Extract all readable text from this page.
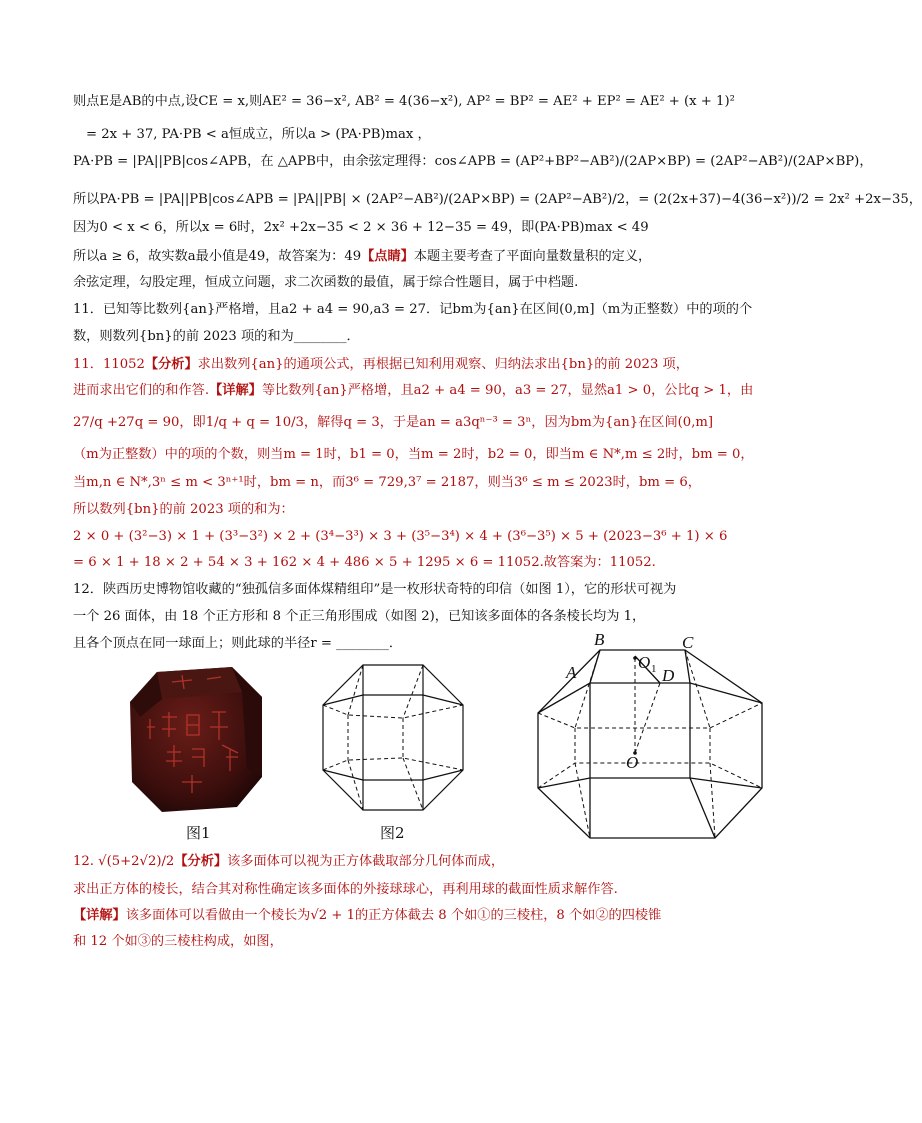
则点E是AB的中点,设CE = x,则AE² = 36−x², AB² = 4(36−x²), AP² = BP² = AE² + EP² = AE² + (x + 1)²
= 2x + 37, PA·PB < a恒成立，所以a > (PA·PB)max ，
PA·PB = |PA||PB|cos∠APB，在 △APB中，由余弦定理得：cos∠APB = (AP²+BP²−AB²)/(2AP×BP) = (2AP²−AB²)/(2AP×BP)，
所以PA·PB = |PA||PB|cos∠APB = |PA||PB| × (2AP²−AB²)/(2AP×BP) = (2AP²−AB²)/2，= (2(2x+37)−4(36−x²))/2 = 2x² +2x−35，
因为0 < x < 6，所以x = 6时，2x² +2x−35 < 2 × 36 + 12−35 = 49，即(PA·PB)max < 49
所以a ≥ 6，故实数a最小值是49，故答案为：49【点睛】本题主要考查了平面向量数量积的定义，
余弦定理，勾股定理，恒成立问题，求二次函数的最值，属于综合性题目，属于中档题.
11．已知等比数列{an}严格增，且a2 + a4 = 90,a3 = 27．记bm为{an}在区间(0,m]（m为正整数）中的项的个
数，则数列{bn}的前 2023 项的和为________．
11．11052【分析】求出数列{an}的通项公式，再根据已知利用观察、归纳法求出{bn}的前 2023 项，
进而求出它们的和作答.【详解】等比数列{an}严格增，且a2 + a4 = 90，a3 = 27，显然a1 > 0，公比q > 1，由
27/q +27q = 90，即1/q + q = 10/3，解得q = 3，于是an = a3qⁿ⁻³ = 3ⁿ，因为bm为{an}在区间(0,m]
（m为正整数）中的项的个数，则当m = 1时，b1 = 0，当m = 2时，b2 = 0，即当m ∈ N*,m ≤ 2时，bm = 0，
当m,n ∈ N*,3ⁿ ≤ m < 3ⁿ⁺¹时，bm = n，而3⁶ = 729,3⁷ = 2187，则当3⁶ ≤ m ≤ 2023时，bm = 6，
所以数列{bn}的前 2023 项的和为：
2 × 0 + (3²−3) × 1 + (3³−3²) × 2 + (3⁴−3³) × 3 + (3⁵−3⁴) × 4 + (3⁶−3⁵) × 5 + (2023−3⁶ + 1) × 6
= 6 × 1 + 18 × 2 + 54 × 3 + 162 × 4 + 486 × 5 + 1295 × 6 = 11052.故答案为：11052.
12．陕西历史博物馆收藏的“独孤信多面体煤精组印”是一枚形状奇特的印信（如图 1），它的形状可视为
一个 26 面体，由 18 个正方形和 8 个正三角形围成（如图 2)，已知该多面体的各条棱长均为 1，
且各个顶点在同一球面上；则此球的半径r = ________．
图1	图2
B	C
A
O 1 D
O
12. √(5+2√2)/2【分析】该多面体可以视为正方体截取部分几何体而成，
求出正方体的棱长，结合其对称性确定该多面体的外接球球心，再利用球的截面性质求解作答.
【详解】该多面体可以看做由一个棱长为√2 + 1的正方体截去 8 个如①的三棱柱，8 个如②的四棱锥
和 12 个如③的三棱柱构成，如图，
